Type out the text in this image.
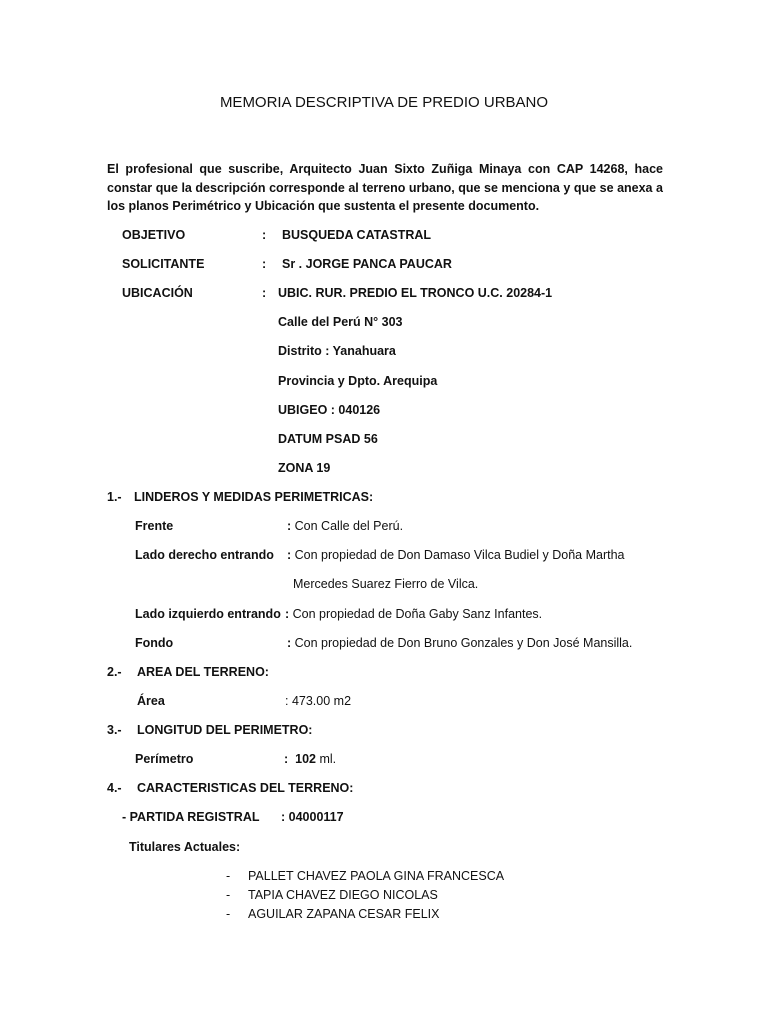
MEMORIA DESCRIPTIVA DE PREDIO URBANO
El profesional que suscribe, Arquitecto Juan Sixto Zuñiga Minaya con CAP 14268, hace constar que la descripción corresponde al terreno urbano, que se menciona y que se anexa a los planos Perimétrico y Ubicación que sustenta el presente documento.
OBJETIVO	: BUSQUEDA CATASTRAL
SOLICITANTE	: Sr . JORGE PANCA PAUCAR
UBICACIÓN	: UBIC. RUR. PREDIO EL TRONCO U.C. 20284-1
Calle del Perú N° 303
Distrito : Yanahuara
Provincia y Dpto. Arequipa
UBIGEO : 040126
DATUM PSAD 56
ZONA 19
1.- LINDEROS Y MEDIDAS PERIMETRICAS:
Frente	: Con Calle del Perú.
Lado derecho entrando : Con propiedad de Don Damaso Vilca Budiel y Doña Martha
Mercedes Suarez Fierro de Vilca.
Lado izquierdo entrando : Con propiedad de Doña Gaby Sanz Infantes.
Fondo	: Con propiedad de Don Bruno Gonzales y Don José Mansilla.
2.- AREA DEL TERRENO:
Área	: 473.00 m2
3.- LONGITUD DEL PERIMETRO:
Perímetro	: 102 ml.
4.- CARACTERISTICAS DEL TERRENO:
- PARTIDA REGISTRAL : 04000117
Titulares Actuales:
- PALLET CHAVEZ PAOLA GINA FRANCESCA
- TAPIA CHAVEZ DIEGO NICOLAS
- AGUILAR ZAPANA CESAR FELIX
